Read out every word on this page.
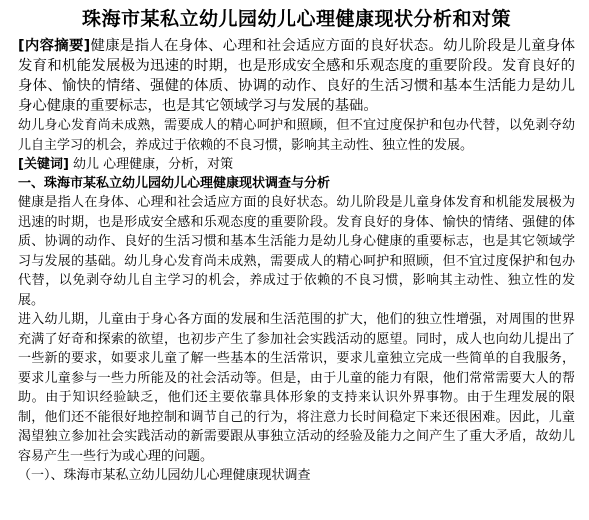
珠海市某私立幼儿园幼儿心理健康现状分析和对策

[内容摘要]健康是指人在身体、心理和社会适应方面的良好状态。幼儿阶段是儿童身体发育和机能发展极为迅速的时期，也是形成安全感和乐观态度的重要阶段。发育良好的身体、愉快的情绪、强健的体质、协调的动作、良好的生活习惯和基本生活能力是幼儿身心健康的重要标志，也是其它领域学习与发展的基础。

幼儿身心发育尚未成熟，需要成人的精心呵护和照顾，但不宜过度保护和包办代替，以免剥夺幼儿自主学习的机会，养成过于依赖的不良习惯，影响其主动性、独立性的发展。

[关键词] 幼儿 心理健康，分析，对策

一、珠海市某私立幼儿园幼儿心理健康现状调查与分析

健康是指人在身体、心理和社会适应方面的良好状态。幼儿阶段是儿童身体发育和机能发展极为迅速的时期，也是形成安全感和乐观态度的重要阶段。发育良好的身体、愉快的情绪、强健的体质、协调的动作、良好的生活习惯和基本生活能力是幼儿身心健康的重要标志，也是其它领域学习与发展的基础。幼儿身心发育尚未成熟，需要成人的精心呵护和照顾，但不宜过度保护和包办代替，以免剥夺幼儿自主学习的机会，养成过于依赖的不良习惯，影响其主动性、独立性的发展。

进入幼儿期，儿童由于身心各方面的发展和生活范围的扩大，他们的独立性增强，对周围的世界充满了好奇和探索的欲望，也初步产生了参加社会实践活动的愿望。同时，成人也向幼儿提出了一些新的要求，如要求儿童了解一些基本的生活常识，要求儿童独立完成一些简单的自我服务，要求儿童参与一些力所能及的社会活动等。但是，由于儿童的能力有限，他们常常需要大人的帮助。由于知识经验缺乏，他们还主要依靠具体形象的支持来认识外界事物。由于生理发展的限制，他们还不能很好地控制和调节自己的行为，将注意力长时间稳定下来还很困难。因此，儿童渴望独立参加社会实践活动的新需要跟从事独立活动的经验及能力之间产生了重大矛盾，故幼儿容易产生一些行为或心理的问题。

（一）、珠海市某私立幼儿园幼儿心理健康现状调查
